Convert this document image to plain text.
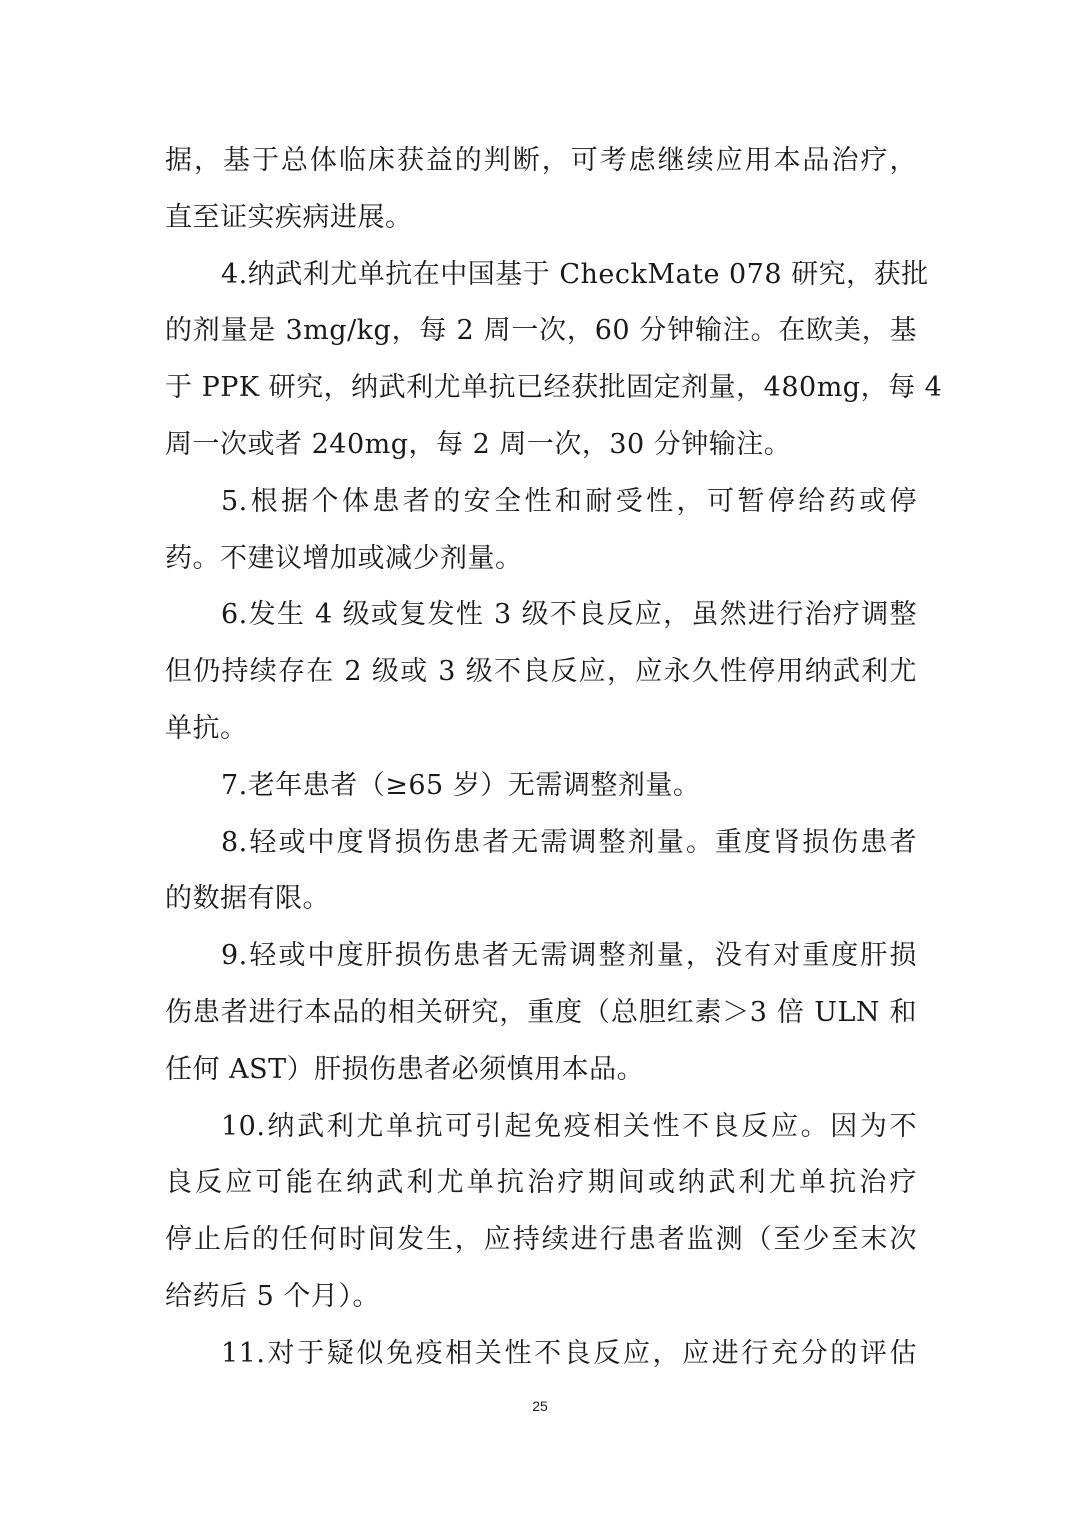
据，基于总体临床获益的判断，可考虑继续应用本品治疗，
直至证实疾病进展。
4.纳武利尤单抗在中国基于 CheckMate 078 研究，获批
的剂量是 3mg/kg，每 2 周一次，60 分钟输注。在欧美，基
于 PPK 研究，纳武利尤单抗已经获批固定剂量，480mg，每 4
周一次或者 240mg，每 2 周一次，30 分钟输注。
5.根据个体患者的安全性和耐受性，可暂停给药或停
药。不建议增加或减少剂量。
6.发生 4 级或复发性 3 级不良反应，虽然进行治疗调整
但仍持续存在 2 级或 3 级不良反应，应永久性停用纳武利尤
单抗。
7.老年患者（≥65 岁）无需调整剂量。
8.轻或中度肾损伤患者无需调整剂量。重度肾损伤患者
的数据有限。
9.轻或中度肝损伤患者无需调整剂量，没有对重度肝损
伤患者进行本品的相关研究，重度（总胆红素＞3 倍 ULN 和
任何 AST）肝损伤患者必须慎用本品。
10.纳武利尤单抗可引起免疫相关性不良反应。因为不
良反应可能在纳武利尤单抗治疗期间或纳武利尤单抗治疗
停止后的任何时间发生，应持续进行患者监测（至少至末次
给药后 5 个月）。
11.对于疑似免疫相关性不良反应，应进行充分的评估
25
